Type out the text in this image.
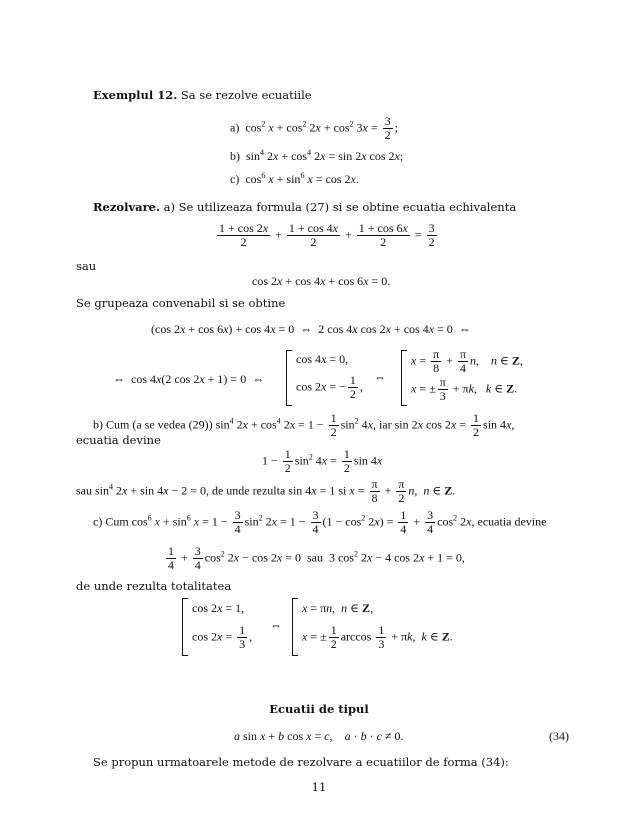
Exemplul 12. Sa se rezolve ecuatiile
a)  $\cos^2 x + \cos^2 2x + \cos^2 3x = \frac{3}{2}$ ;
b)  $\sin^4 2x + \cos^4 2x = \sin 2x$ cos 2x;
c)  $\cos^6 x + \sin^6 x = \cos 2x$.
Rezolvare. a) Se utilizeaza formula (27) si se obtine ecuatia echivalenta
$\frac{1 + \cos 2x}{2} + \frac{1 + \cos 4x}{2} + \frac{1 + \cos 6x}{2} = \frac{3}{2}$
sau
cos 2x + cos 4x + cos 6x = 0.
Se grupeaza convenabil si se obtine
(cos 2x + cos 6x) + cos 4x = 0  ⇔  2 cos 4x cos 2x + cos 4x = 0  ⇔
⇔  cos 4x(2 cos 2x + 1) = 0  ⇔
cos 4x = 0,
cos 2x = − $\frac{1}{2}$ ,
⇔
$x = \frac{\pi}{8} + \frac{\pi}{4} n$,    n ∈ Z,
x = ± $\frac{\pi}{3} + \pi k$,   k ∈ Z.
b) Cum (a se vedea (29)) $\sin^4 2x + \cos^4 2x = 1 - \frac{1}{2} \sin^2 4x$, iar sin 2x $\cos 2x = \frac{1}{2}$ sin 4x,
ecuatia devine
$1 - \frac{1}{2} \sin^2 4x = \frac{1}{2}$ sin 4x
sau $\sin^4 2x + \sin 4x - 2 = 0$, de unde rezulta sin 4x = 1 si $x = \frac{\pi}{8} + \frac{\pi}{2} n$,  n ∈ Z.
c) Cum $\cos^6 x + \sin^6 x = 1 - \frac{3}{4} \sin^2 2x = 1 - \frac{3}{4} (1 - \cos^2 2x) = \frac{1}{4} + \frac{3}{4} \cos^2 2x$, ecuatia devine
$\frac{1}{4} + \frac{3}{4} \cos^2 2x - \cos 2x = 0$  sau  3 $\cos^2 2x - 4$ cos 2x + 1 = 0,
de unde rezulta totalitatea
cos 2x = 1,
$\cos 2x = \frac{1}{3}$ ,
⇔
x = πn,  n ∈ Z,
x = ± $\frac{1}{2}$ $\arccos \frac{1}{3} + \pi k$,  k ∈ Z.
Ecuatii de tipul
a sin x + b cos x = c,    a · b · c ≠ 0.	(34)
Se propun urmatoarele metode de rezolvare a ecuatiilor de forma (34):
11
